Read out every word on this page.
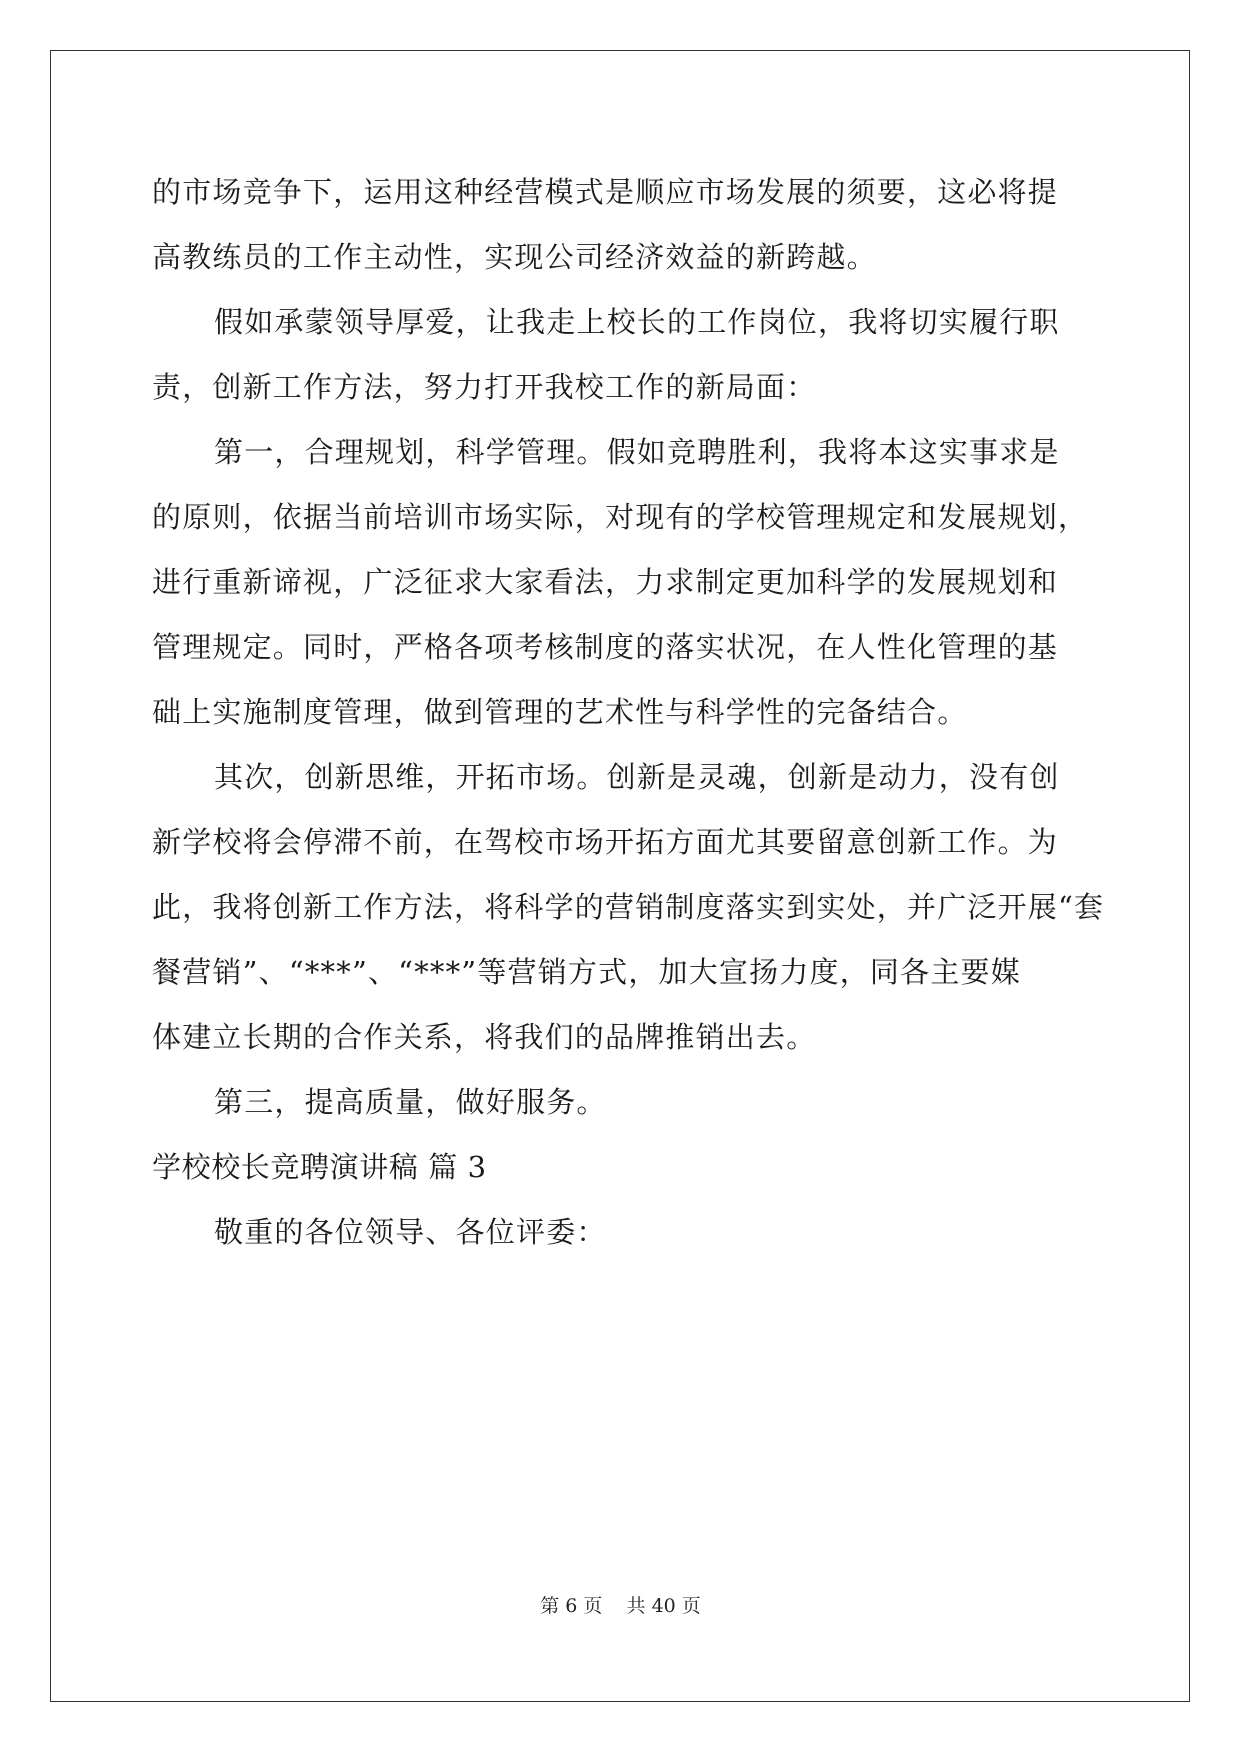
的市场竞争下，运用这种经营模式是顺应市场发展的须要，这必将提
高教练员的工作主动性，实现公司经济效益的新跨越。
假如承蒙领导厚爱，让我走上校长的工作岗位，我将切实履行职
责，创新工作方法，努力打开我校工作的新局面：
第一，合理规划，科学管理。假如竞聘胜利，我将本这实事求是
的原则，依据当前培训市场实际，对现有的学校管理规定和发展规划，
进行重新谛视，广泛征求大家看法，力求制定更加科学的发展规划和
管理规定。同时，严格各项考核制度的落实状况，在人性化管理的基
础上实施制度管理，做到管理的艺术性与科学性的完备结合。
其次，创新思维，开拓市场。创新是灵魂，创新是动力，没有创
新学校将会停滞不前，在驾校市场开拓方面尤其要留意创新工作。为
此，我将创新工作方法，将科学的营销制度落实到实处，并广泛开展“套
餐营销”、“***”、“***”等营销方式，加大宣扬力度，同各主要媒
体建立长期的合作关系，将我们的品牌推销出去。
第三，提高质量，做好服务。
学校校长竞聘演讲稿 篇 3
敬重的各位领导、各位评委：
第 6 页    共 40 页
